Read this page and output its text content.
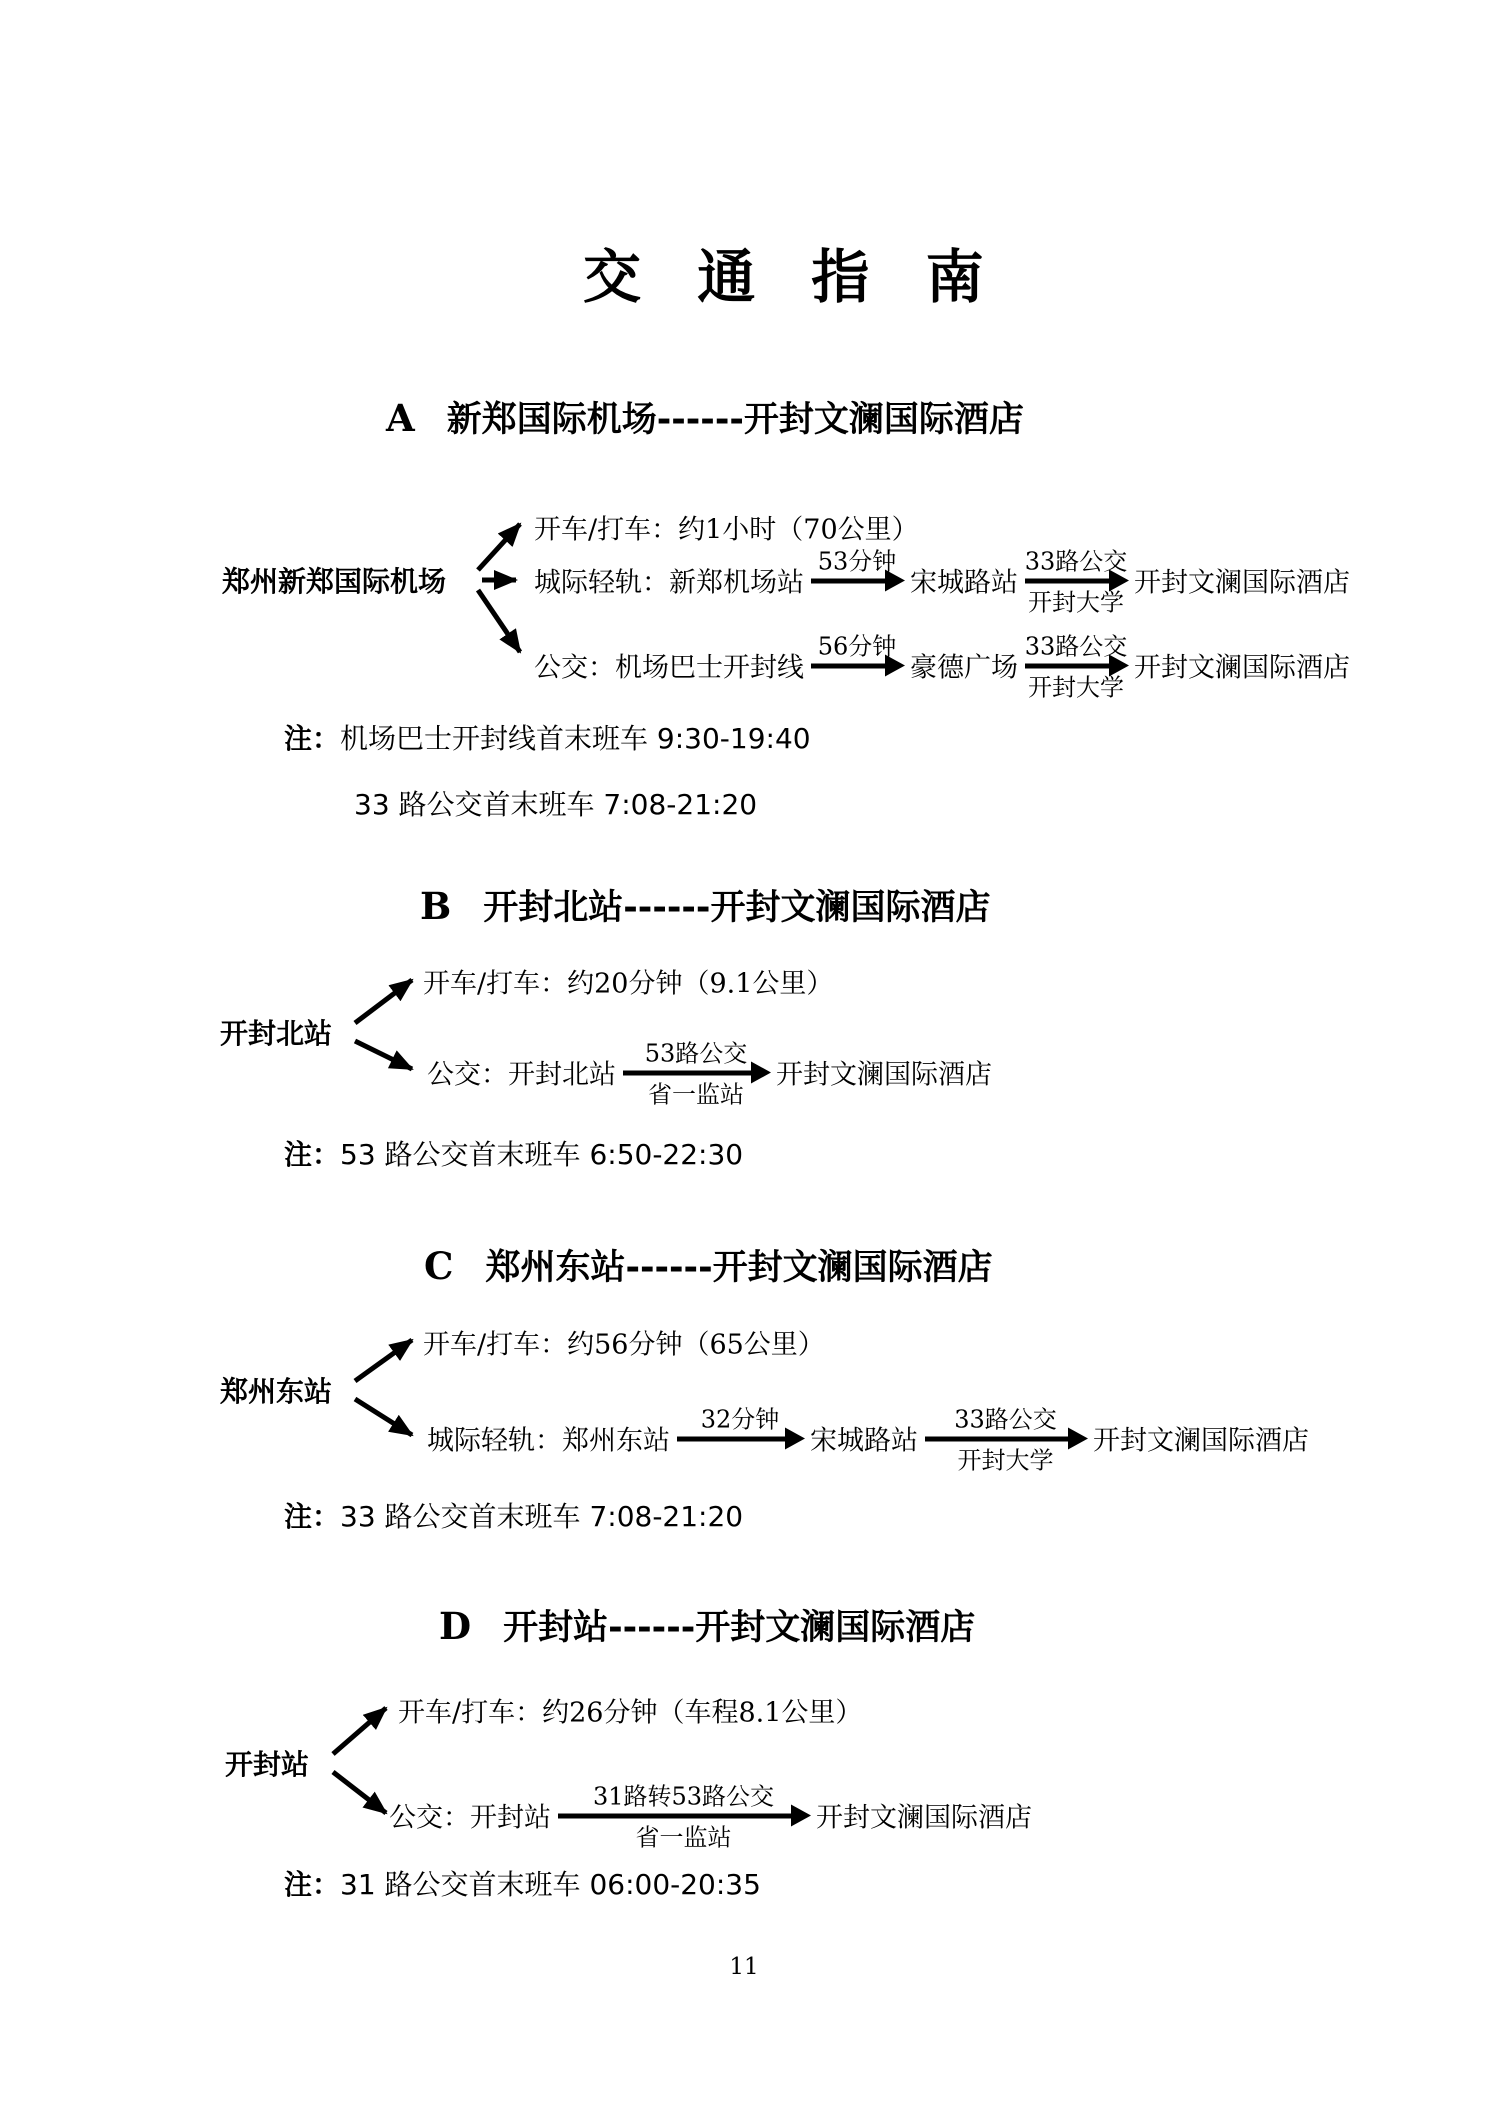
交 通 指 南
A 新郑国际机场------开封文澜国际酒店
郑州新郑国际机场
开车/打车：约1小时（70公里）
城际轻轨：新郑机场站
53分钟
宋城路站
33路公交
开封大学
开封文澜国际酒店
公交：机场巴士开封线
56分钟
豪德广场
33路公交
开封大学
开封文澜国际酒店
注：机场巴士开封线首末班车 9:30-19:40
33 路公交首末班车 7:08-21:20
B 开封北站------开封文澜国际酒店
开封北站
开车/打车：约20分钟（9.1公里）
公交：开封北站
53路公交
省一监站
开封文澜国际酒店
注：53 路公交首末班车 6:50-22:30
C 郑州东站------开封文澜国际酒店
郑州东站
开车/打车：约56分钟（65公里）
城际轻轨：郑州东站
32分钟
宋城路站
33路公交
开封大学
开封文澜国际酒店
注：33 路公交首末班车 7:08-21:20
D 开封站------开封文澜国际酒店
开封站
开车/打车：约26分钟（车程8.1公里）
公交：开封站
31路转53路公交
省一监站
开封文澜国际酒店
注：31 路公交首末班车 06:00-20:35
11
